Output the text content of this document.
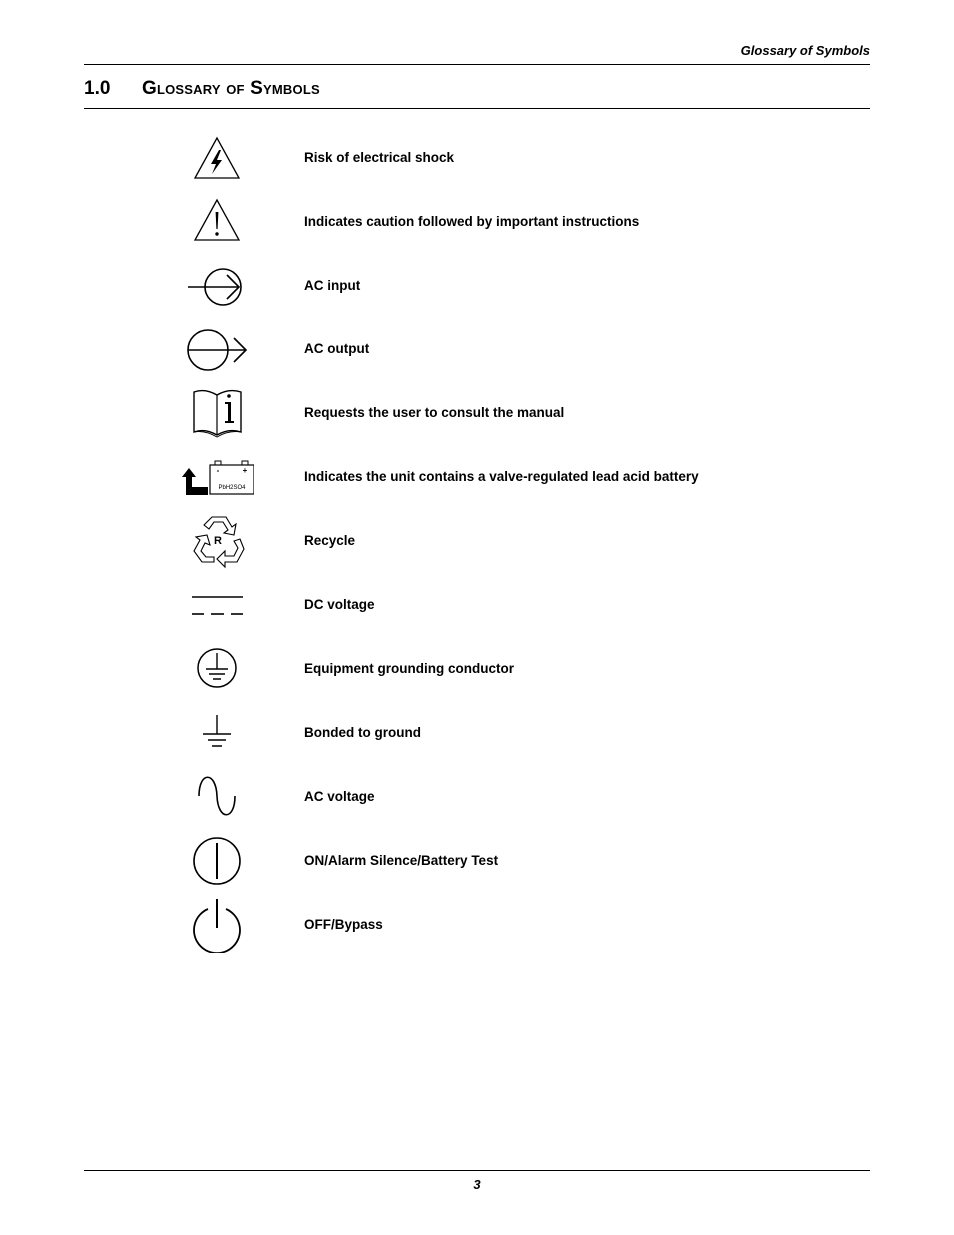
Glossary of Symbols
1.0 Glossary of Symbols
Risk of electrical shock
Indicates caution followed by important instructions
AC input
AC output
Requests the user to consult the manual
-	+
PbH2SO4
Indicates the unit contains a valve-regulated lead acid battery
R	Recycle
DC voltage
Equipment grounding conductor
Bonded to ground
AC voltage
ON/Alarm Silence/Battery Test
OFF/Bypass
3
